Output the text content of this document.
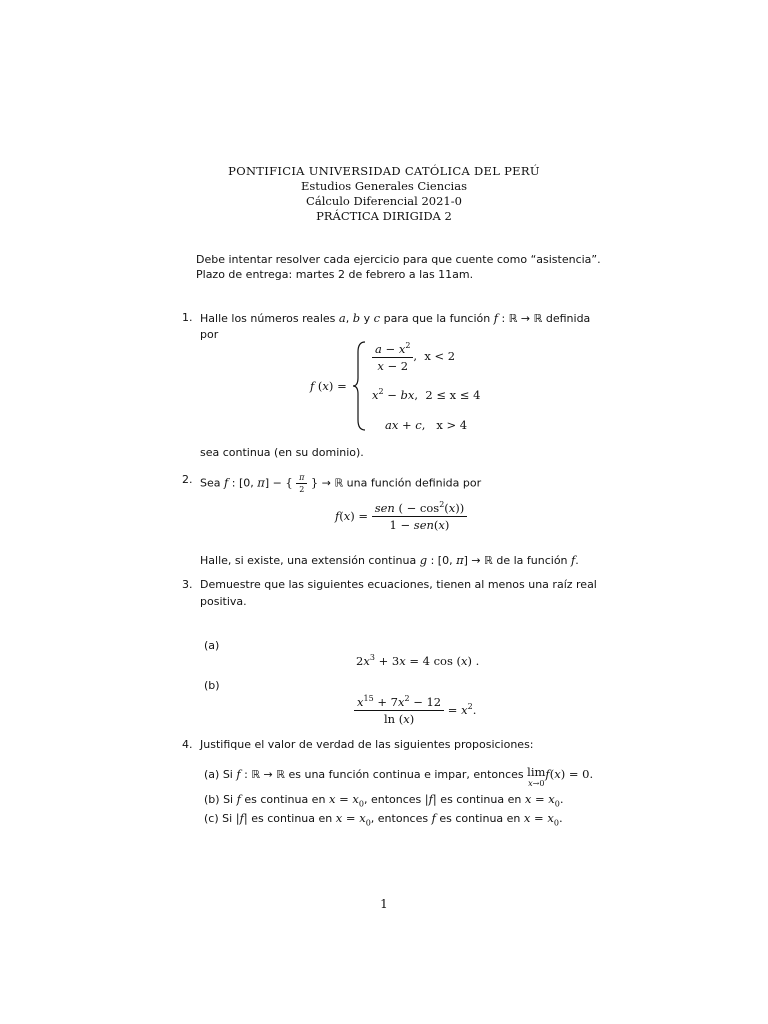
PONTIFICIA UNIVERSIDAD CATÓLICA DEL PERÚ
Estudios Generales Ciencias
Cálculo Diferencial 2021-0
PRÁCTICA DIRIGIDA 2
Debe intentar resolver cada ejercicio para que cuente como “asistencia”.
Plazo de entrega: martes 2 de febrero a las 11am.
1. Halle los números reales a, b y c para que la función f : ℝ → ℝ definida
por
f (x) =
$\frac{a - x^2}{x - 2}$ ,  x < 2
$x^2$ − bx,  2 ≤ x ≤ 4
ax + c,   x > 4
sea continua (en su dominio).
2. Sea f : [0, π] − { $\frac{\pi}{2}$ } → ℝ una función definida por
$f(x) = \frac{sen ( - \cos^2(x))}{\text{1 − sen(x)}}$
Halle, si existe, una extensión continua g : [0, π] → ℝ de la función f.
3. Demuestre que las siguientes ecuaciones, tienen al menos una raíz real
positiva.
(a)
$2x^3 + 3x = 4$ cos (x) .
(b)
$\frac{x^{15} + 7x^2 - 12}{\ln (x)} = x^2$.
4. Justifique el valor de verdad de las siguientes proposiciones:
(a) Si f : ℝ → ℝ es una función continua e impar, entonces lim
x→0f(x) = 0.
(b) Si f es continua en $x = x_0$, entonces |f| es continua en $x = x_0$.
(c) Si |f| es continua en $x = x_0$, entonces f es continua en $x = x_0$.
1
